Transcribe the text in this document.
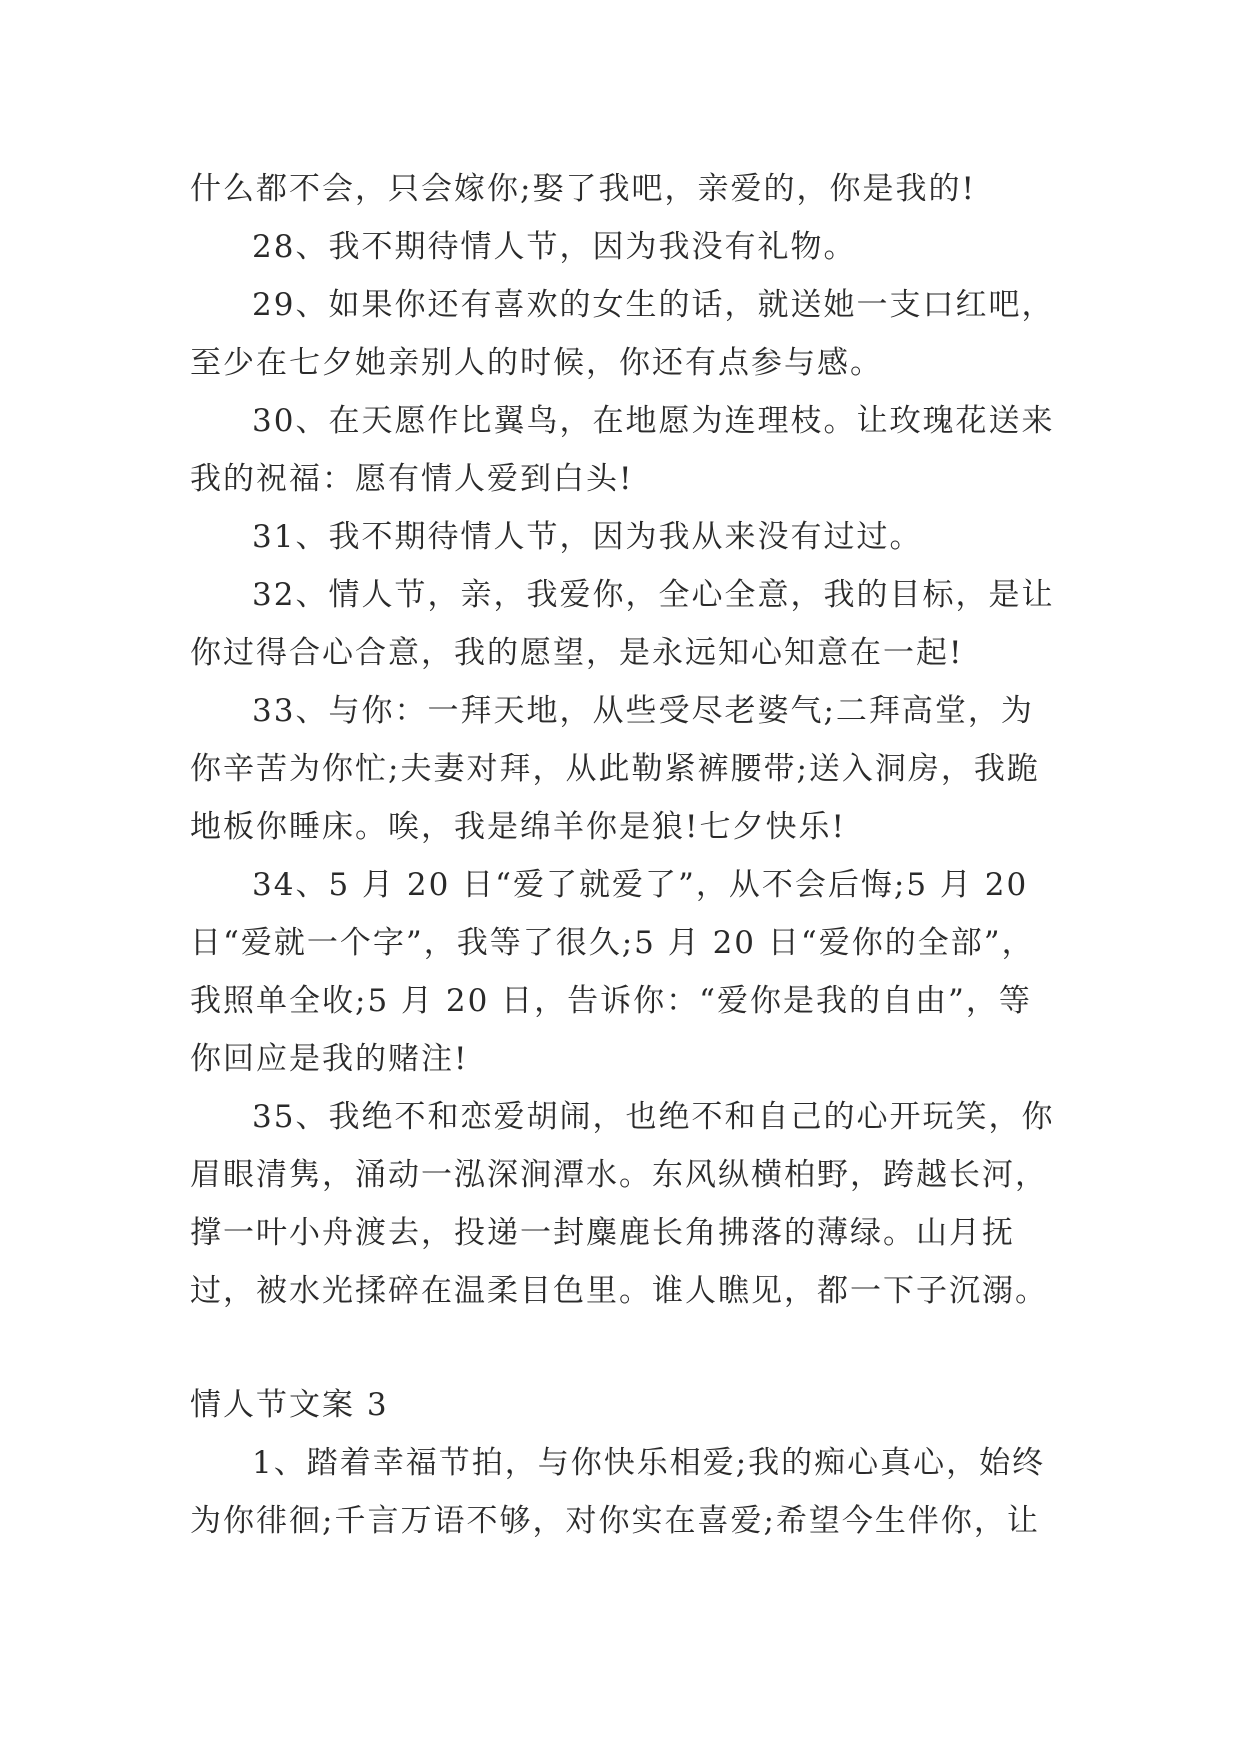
什么都不会，只会嫁你;娶了我吧，亲爱的，你是我的!

28、我不期待情人节，因为我没有礼物。

29、如果你还有喜欢的女生的话，就送她一支口红吧，至少在七夕她亲别人的时候，你还有点参与感。

30、在天愿作比翼鸟，在地愿为连理枝。让玫瑰花送来我的祝福：愿有情人爱到白头!

31、我不期待情人节，因为我从来没有过过。

32、情人节，亲，我爱你，全心全意，我的目标，是让你过得合心合意，我的愿望，是永远知心知意在一起!

33、与你：一拜天地，从些受尽老婆气;二拜高堂，为你辛苦为你忙;夫妻对拜，从此勒紧裤腰带;送入洞房，我跪地板你睡床。唉，我是绵羊你是狼!七夕快乐!

34、5 月 20 日“爱了就爱了”，从不会后悔;5 月 20 日“爱就一个字”，我等了很久;5 月 20 日“爱你的全部”，我照单全收;5 月 20 日，告诉你：“爱你是我的自由”，等你回应是我的赌注!

35、我绝不和恋爱胡闹，也绝不和自己的心开玩笑，你眉眼清隽，涌动一泓深涧潭水。东风纵横柏野，跨越长河，撑一叶小舟渡去，投递一封麋鹿长角拂落的薄绿。山月抚过，被水光揉碎在温柔目色里。谁人瞧见，都一下子沉溺。

情人节文案 3

1、踏着幸福节拍，与你快乐相爱;我的痴心真心，始终为你徘徊;千言万语不够，对你实在喜爱;希望今生伴你，让
